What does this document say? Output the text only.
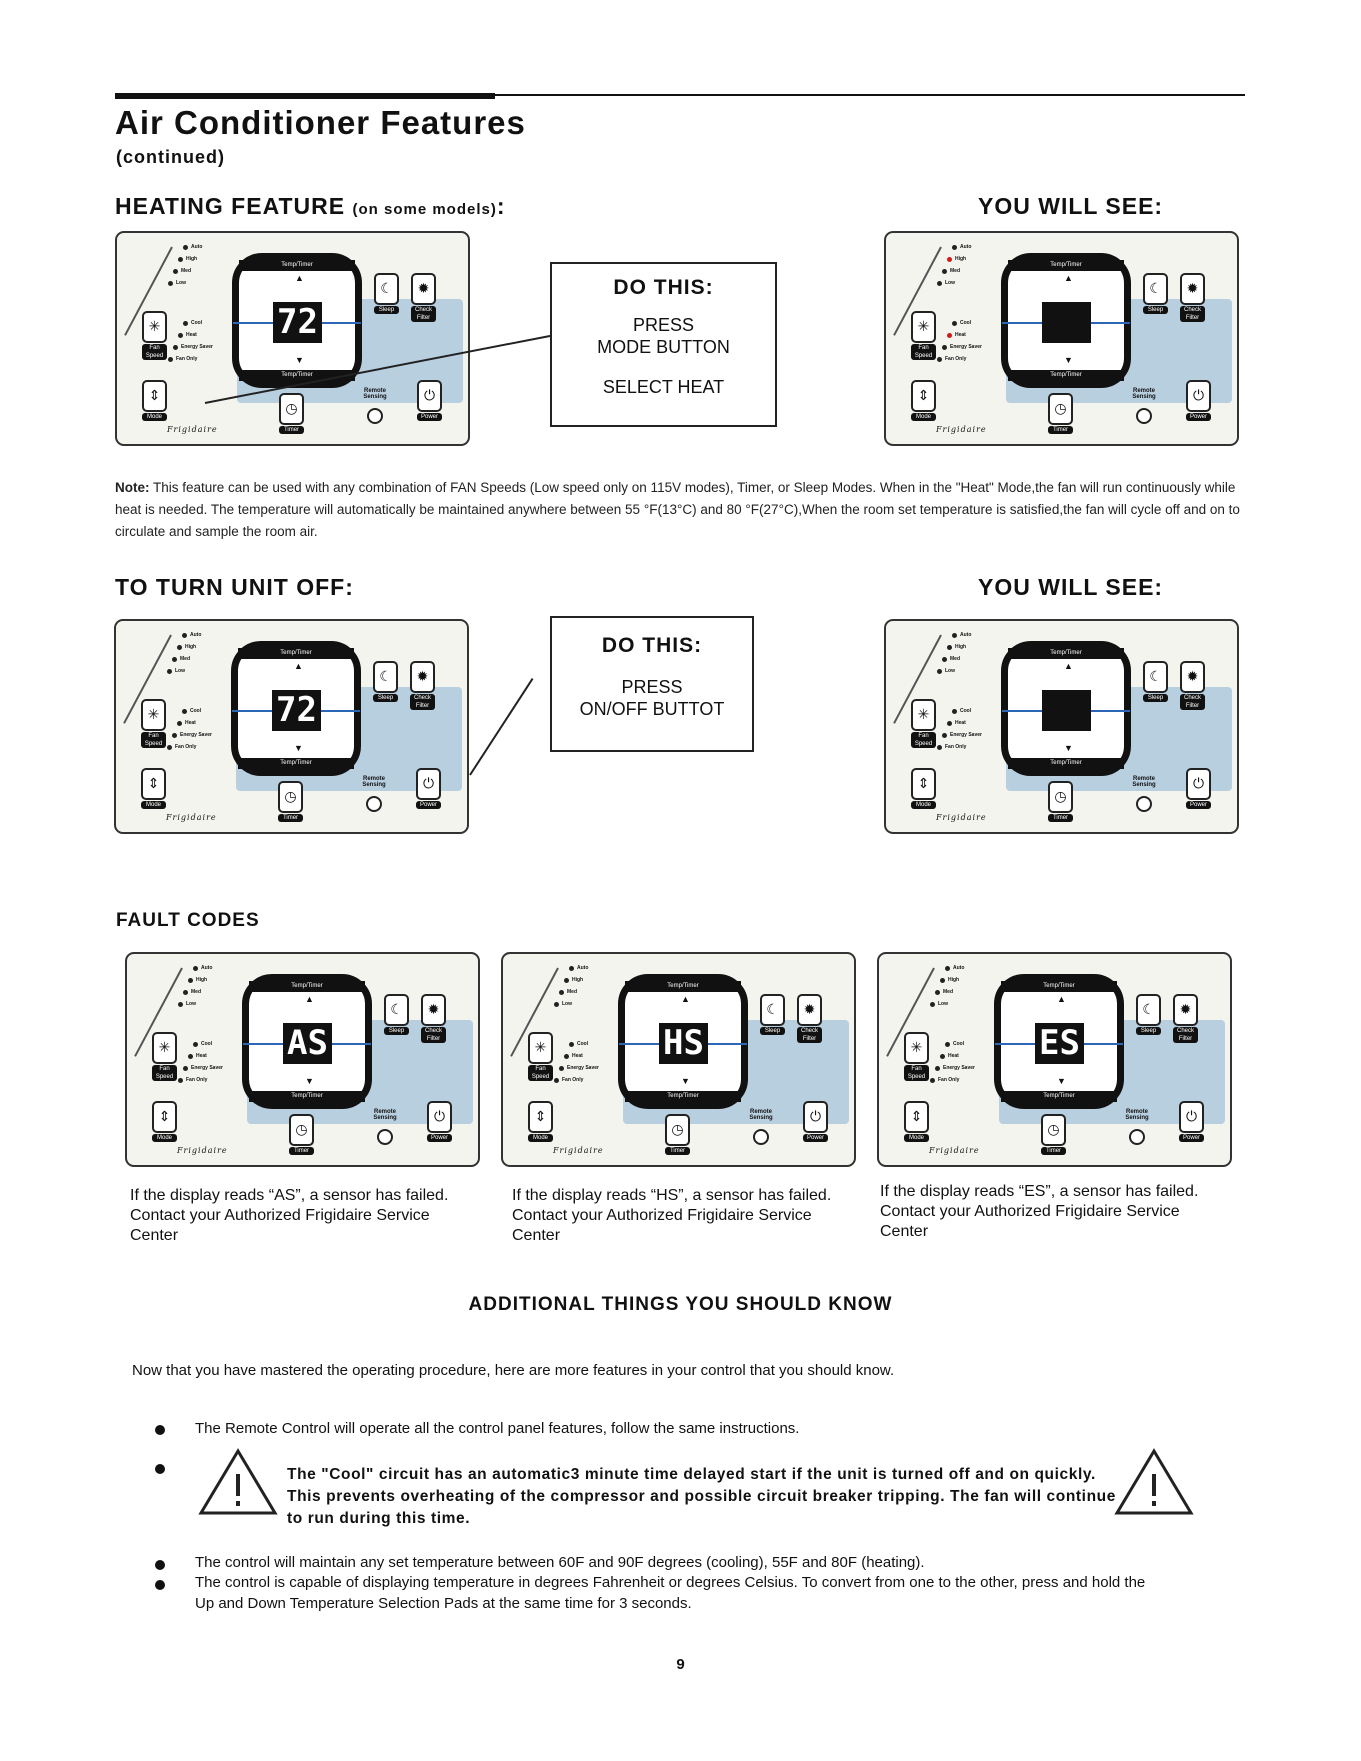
Air Conditioner Features
(continued)
HEATING FEATURE (on some models):	YOU WILL SEE:
Auto
High
Med
Low
Cool
Heat
Energy Saver
Fan Only
Temp/Timer
▲
72
▼
Temp/Timer
✳
Fan Speed
⇕
Mode
☾
Sleep
✹
Check Filter
◷
Timer
⏻
Power
Remote Sensing
Frigidaire
Auto
High
Med
Low
Cool
Heat
Energy Saver
Fan Only
Temp/Timer
▲
▼
Temp/Timer
✳
Fan Speed
⇕
Mode
☾
Sleep
✹
Check Filter
◷
Timer
⏻
Power
Remote Sensing
Frigidaire
DO THIS:
PRESS
MODE BUTTON
SELECT HEAT
Note: This feature can be used with any combination of FAN Speeds (Low speed only on 115V modes), Timer, or Sleep Modes. When in the "Heat" Mode,the fan will run continuously while heat is needed. The temperature will automatically be maintained anywhere between 55 °F(13°C) and 80 °F(27°C),When the room set temperature is satisfied,the fan will cycle off and on to circulate and sample the room air.
TO TURN UNIT OFF:	YOU WILL SEE:
Auto
High
Med
Low
Cool
Heat
Energy Saver
Fan Only
Temp/Timer
▲
72
▼
Temp/Timer
✳
Fan Speed
⇕
Mode
☾
Sleep
✹
Check Filter
◷
Timer
⏻
Power
Remote Sensing
Frigidaire
Auto
High
Med
Low
Cool
Heat
Energy Saver
Fan Only
Temp/Timer
▲
▼
Temp/Timer
✳
Fan Speed
⇕
Mode
☾
Sleep
✹
Check Filter
◷
Timer
⏻
Power
Remote Sensing
Frigidaire
DO THIS:
PRESS
ON/OFF BUTTOT
FAULT CODES
Auto
High
Med
Low
Cool
Heat
Energy Saver
Fan Only
Temp/Timer
▲
AS
▼
Temp/Timer
✳
Fan Speed
⇕
Mode
☾
Sleep
✹
Check Filter
◷
Timer
⏻
Power
Remote Sensing
Frigidaire
Auto
High
Med
Low
Cool
Heat
Energy Saver
Fan Only
Temp/Timer
▲
HS
▼
Temp/Timer
✳
Fan Speed
⇕
Mode
☾
Sleep
✹
Check Filter
◷
Timer
⏻
Power
Remote Sensing
Frigidaire
Auto
High
Med
Low
Cool
Heat
Energy Saver
Fan Only
Temp/Timer
▲
ES
▼
Temp/Timer
✳
Fan Speed
⇕
Mode
☾
Sleep
✹
Check Filter
◷
Timer
⏻
Power
Remote Sensing
Frigidaire
If the display reads “AS”, a sensor has failed. Contact your Authorized Frigidaire Service Center
If the display reads “HS”, a sensor has failed. Contact your Authorized Frigidaire Service Center
If the display reads “ES”, a sensor has failed. Contact your Authorized Frigidaire Service Center
ADDITIONAL THINGS YOU SHOULD KNOW
Now that you have mastered the operating procedure, here are more features in your control that you should know.
The Remote Control will operate all the control panel features, follow the same instructions.
The "Cool" circuit has an automatic3 minute time delayed start if the unit is turned off and on quickly. This prevents overheating of the compressor and possible circuit breaker tripping. The fan will continue to run during this time.
The control will maintain any set temperature between 60F and 90F degrees (cooling), 55F and 80F (heating).
The control is capable of displaying temperature in degrees Fahrenheit or degrees Celsius. To convert from one to the other, press and hold the Up and Down Temperature Selection Pads at the same time for 3 seconds.
9
